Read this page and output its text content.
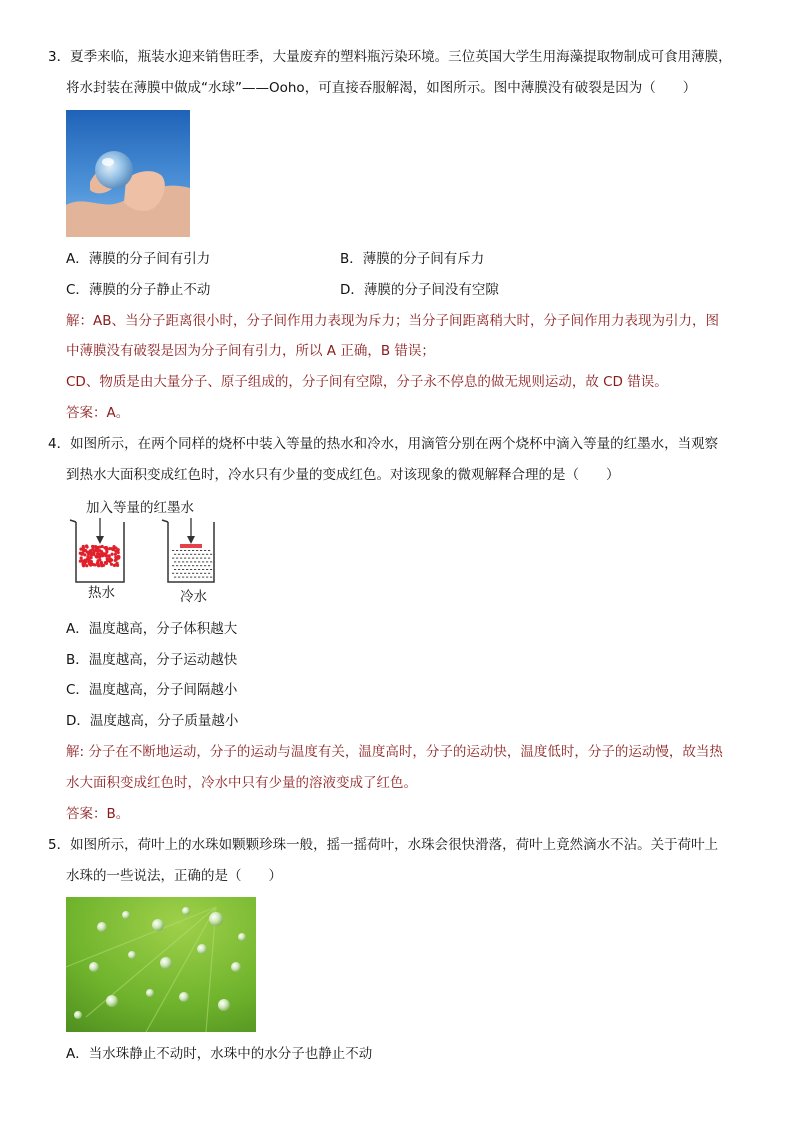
3．夏季来临，瓶装水迎来销售旺季，大量废弃的塑料瓶污染环境。三位英国大学生用海藻提取物制成可食用薄膜，
将水封装在薄膜中做成“水球”——Ooho，可直接吞服解渴，如图所示。图中薄膜没有破裂是因为（　　）
A．薄膜的分子间有引力	B．薄膜的分子间有斥力
C．薄膜的分子静止不动	D．薄膜的分子间没有空隙
解：AB、当分子距离很小时，分子间作用力表现为斥力；当分子间距离稍大时，分子间作用力表现为引力，图
中薄膜没有破裂是因为分子间有引力，所以 A 正确，B 错误；
CD、物质是由大量分子、原子组成的，分子间有空隙，分子永不停息的做无规则运动，故 CD 错误。
答案：A。
4．如图所示，在两个同样的烧杯中装入等量的热水和冷水，用滴管分别在两个烧杯中滴入等量的红墨水，当观察
到热水大面积变成红色时，冷水只有少量的变成红色。对该现象的微观解释合理的是（　　）
加入等量的红墨水
热水	冷水
A．温度越高，分子体积越大
B．温度越高，分子运动越快
C．温度越高，分子间隔越小
D．温度越高，分子质量越小
解: 分子在不断地运动，分子的运动与温度有关，温度高时，分子的运动快，温度低时，分子的运动慢，故当热
水大面积变成红色时，冷水中只有少量的溶液变成了红色。
答案：B。
5．如图所示，荷叶上的水珠如颗颗珍珠一般，摇一摇荷叶，水珠会很快滑落，荷叶上竟然滴水不沾。关于荷叶上
水珠的一些说法，正确的是（　　）
A．当水珠静止不动时，水珠中的水分子也静止不动
